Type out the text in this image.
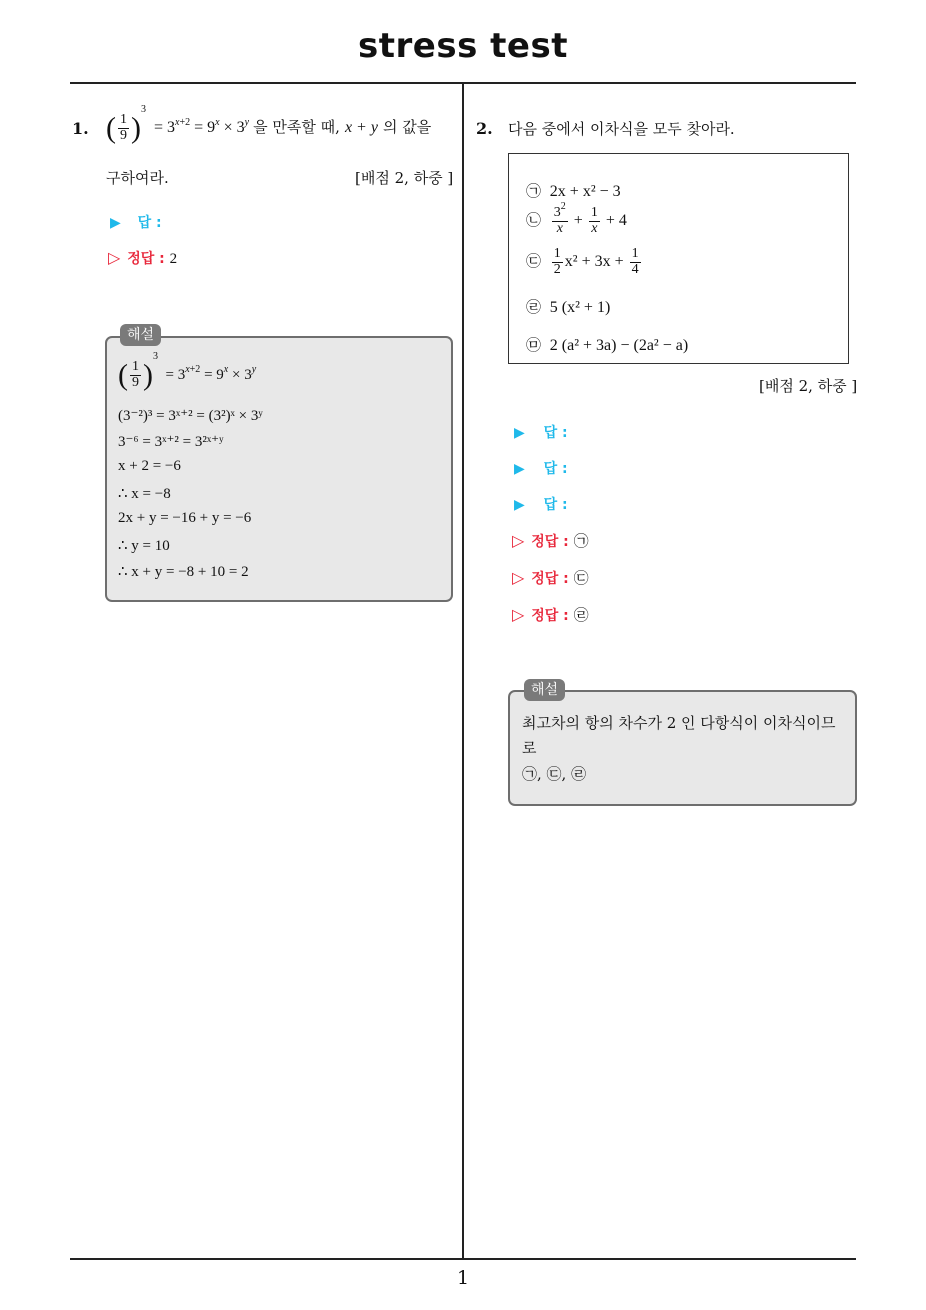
stress test
1
1. ( $\frac{1}{9} )^3 = 3^{x+2} = 9^x \times 3^y$ 을 만족할 때, x + y 의 값을
구하여라.	[배점 2, 하중 ]
▶ 답 :
▷ 정답 : 2
해설
( $\frac{1}{9} )^3 = 3^{x+2} = 9^x \times 3^y$
(3⁻²)³ = 3ˣ⁺² = (3²)ˣ × 3ʸ
3⁻⁶ = 3ˣ⁺² = 3²ˣ⁺ʸ
x + 2 = −6
∴ x = −8
2x + y = −16 + y = −6
∴ y = 10
∴ x + y = −8 + 10 = 2
2. 다음 중에서 이차식을 모두 찾아라.
㉠ 2x + x² − 3
㉡ $\frac{3^2}{x} + \frac{1}{x} + 4$
㉢ $\frac{1}{2} x^2 + 3x + \frac{1}{4}$
㉣ 5 (x² + 1)
㉤ 2 (a² + 3a) − (2a² − a)
[배점 2, 하중 ]
▶ 답 :
▶ 답 :
▶ 답 :
▷ 정답 : ㉠
▷ 정답 : ㉢
▷ 정답 : ㉣
해설
최고차의 항의 차수가 2 인 다항식이 이차식이므
로
㉠, ㉢, ㉣
